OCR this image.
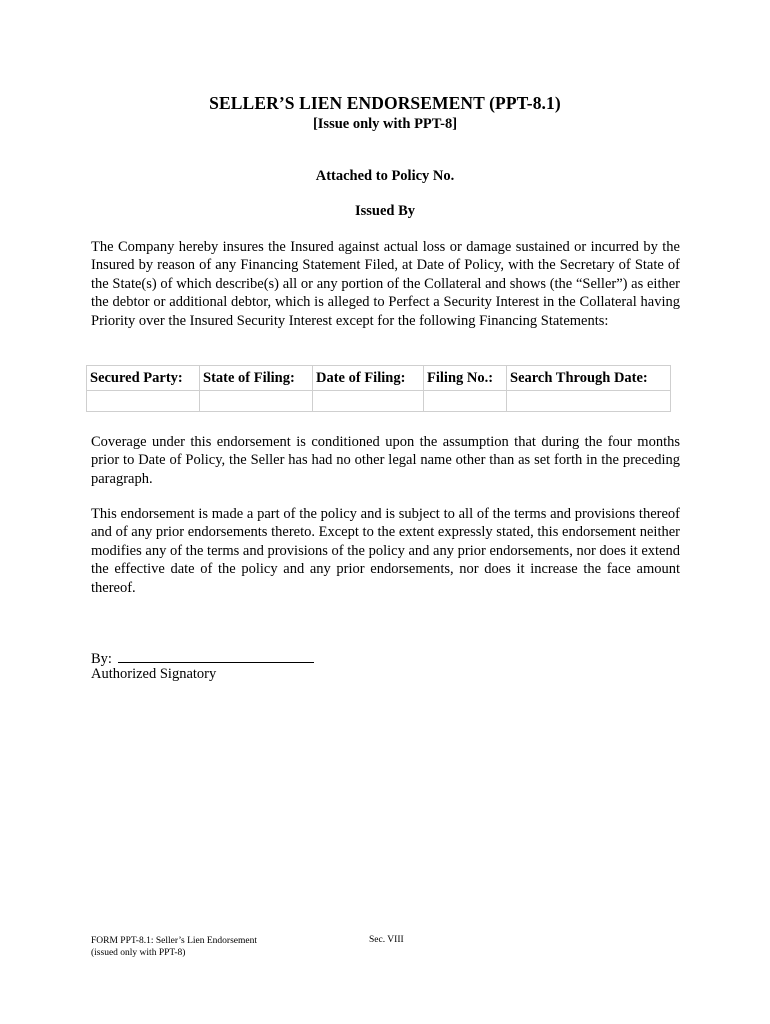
SELLER’S LIEN ENDORSEMENT (PPT-8.1)
[Issue only with PPT-8]
Attached to Policy No.
Issued By

The Company hereby insures the Insured against actual loss or damage sustained or incurred by the Insured by reason of any Financing Statement Filed, at Date of Policy, with the Secretary of State of the State(s) of which describe(s) all or any portion of the Collateral and shows (the “Seller”) as either the debtor or additional debtor, which is alleged to Perfect a Security Interest in the Collateral having Priority over the Insured Security Interest except for the following Financing Statements:

Secured Party:	State of Filing:	Date of Filing:	Filing No.:	Search Through Date:

Coverage under this endorsement is conditioned upon the assumption that during the four months prior to Date of Policy, the Seller has had no other legal name other than as set forth in the preceding paragraph.

This endorsement is made a part of the policy and is subject to all of the terms and provisions thereof and of any prior endorsements thereto. Except to the extent expressly stated, this endorsement neither modifies any of the terms and provisions of the policy and any prior endorsements, nor does it extend the effective date of the policy and any prior endorsements, nor does it increase the face amount thereof.

By:
Authorized Signatory
FORM PPT-8.1: Seller’s Lien Endorsement
(issued only with PPT-8)
Sec. VIII
